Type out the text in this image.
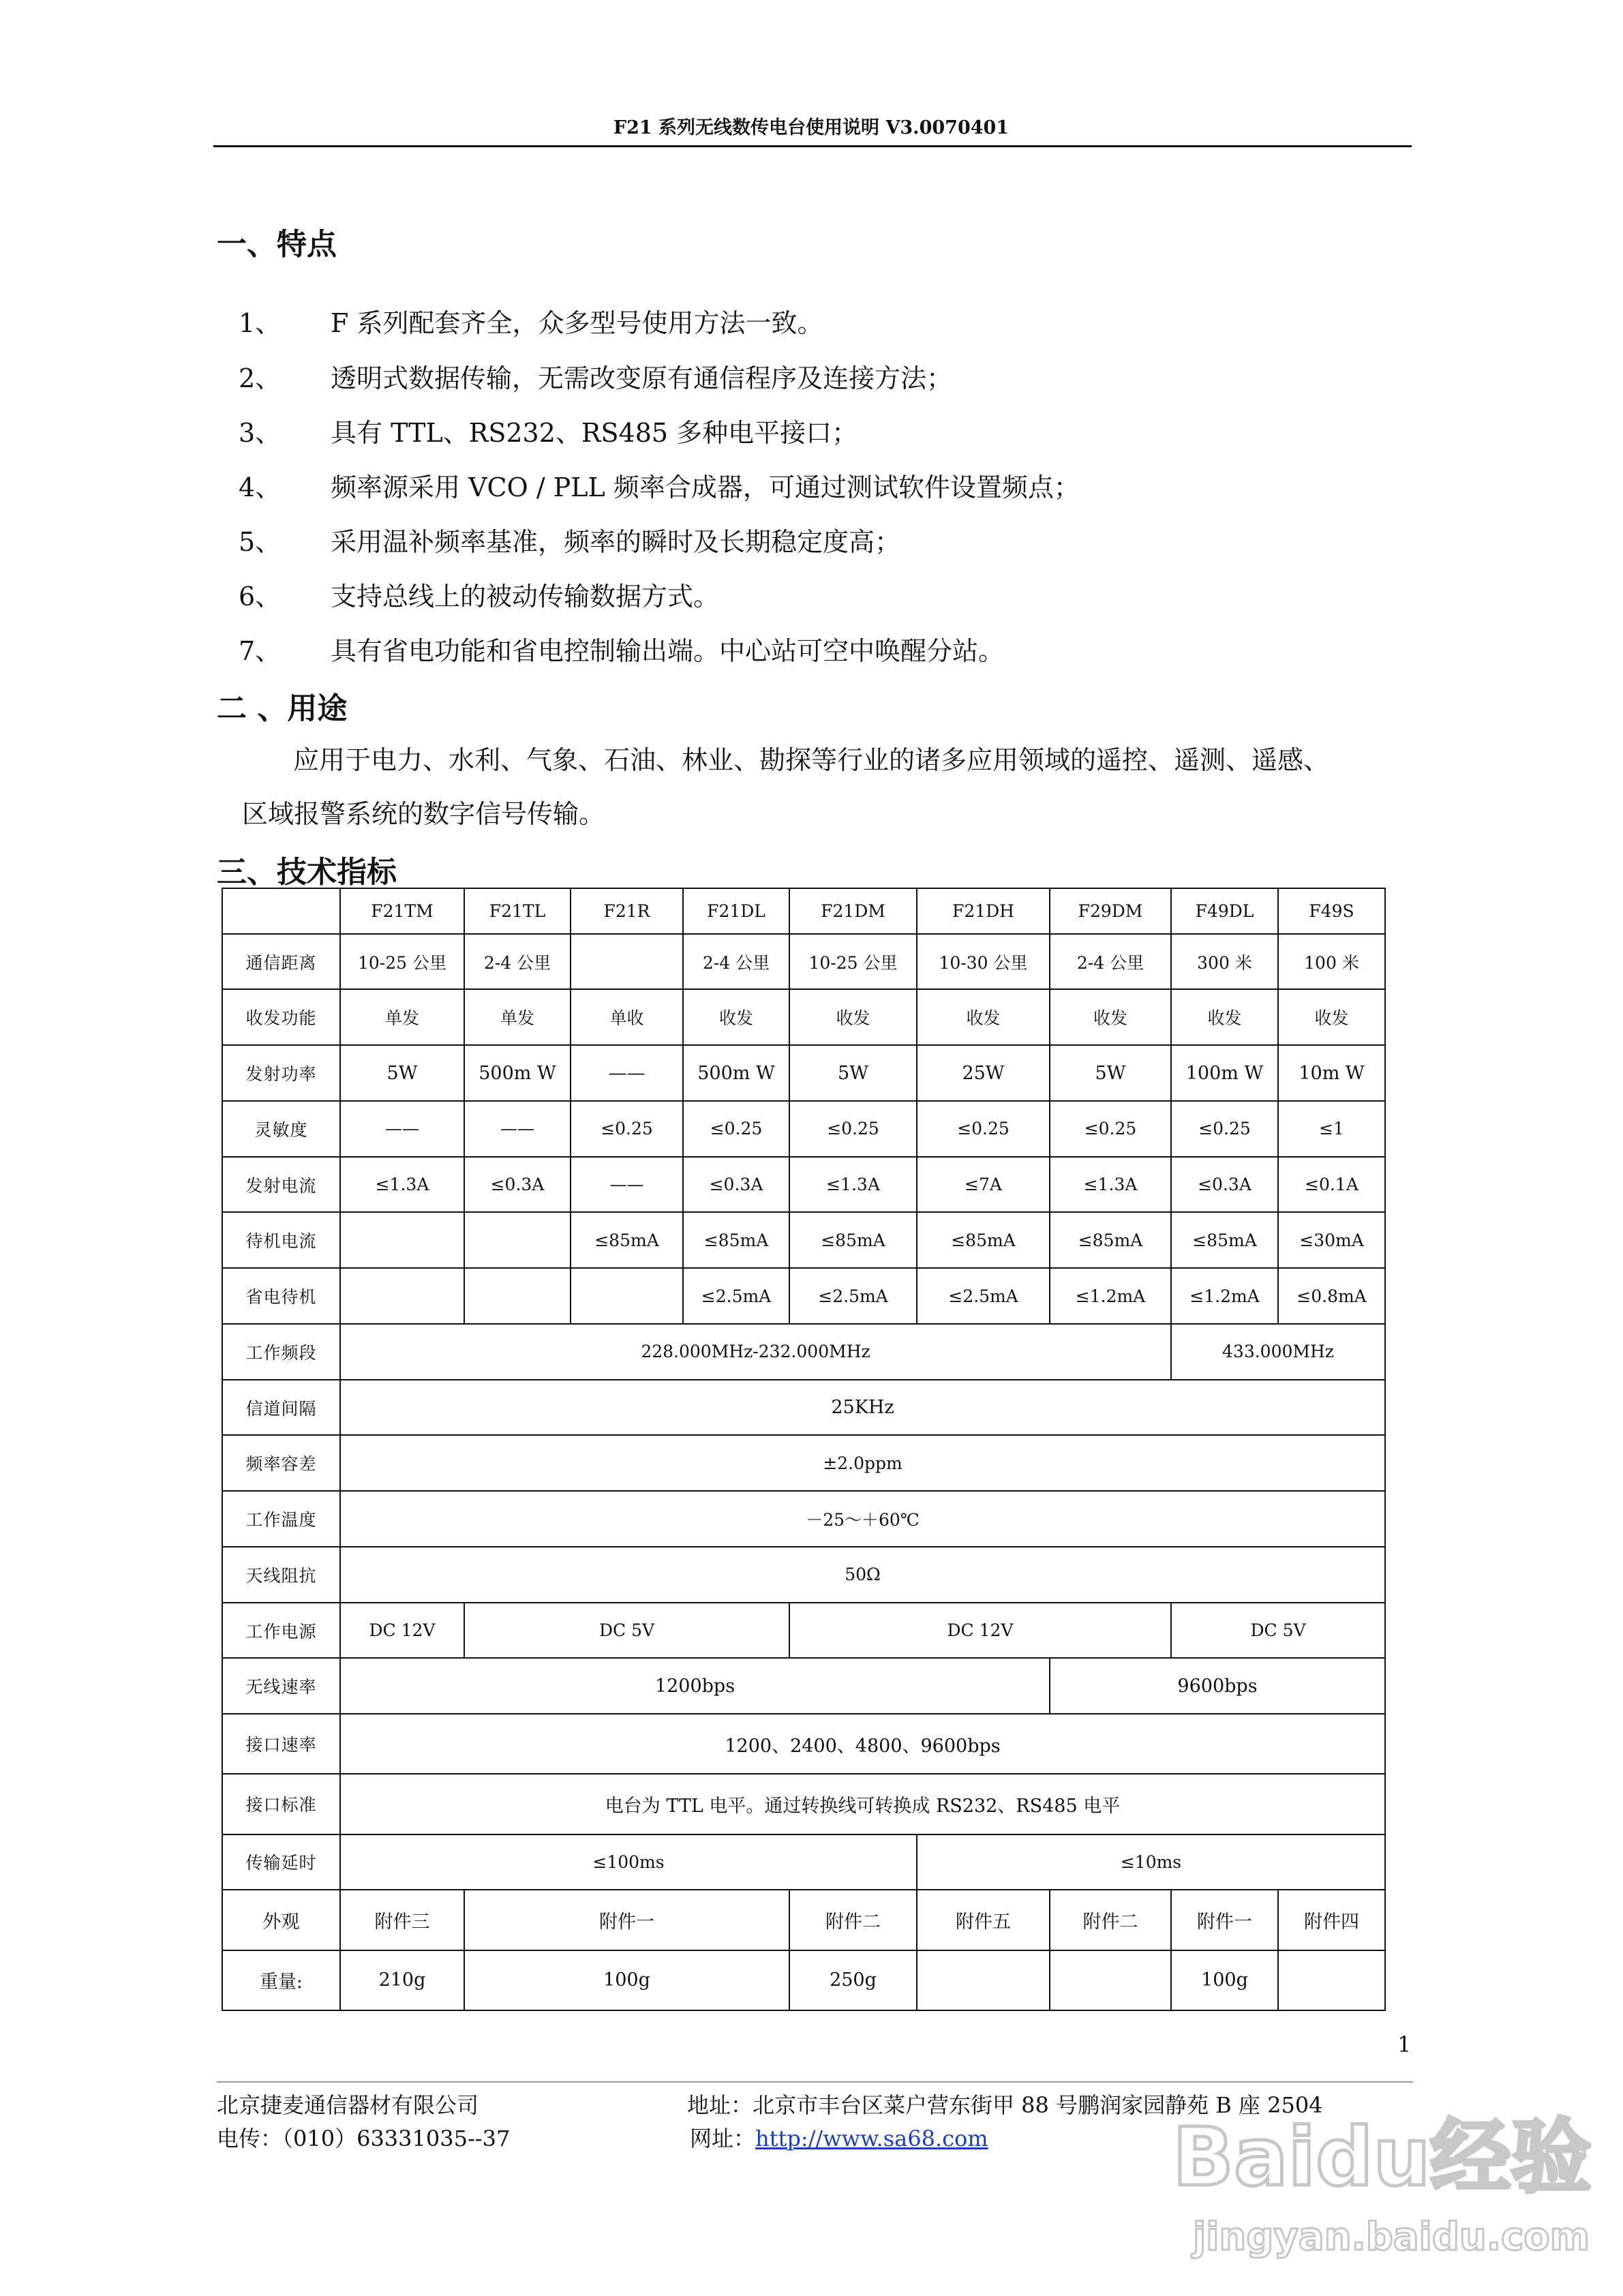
F21 系列无线数传电台使用说明 V3.0070401
一、特点
1、 F 系列配套齐全，众多型号使用方法一致。
2、 透明式数据传输，无需改变原有通信程序及连接方法；
3、 具有 TTL、RS232、RS485 多种电平接口；
4、 频率源采用 VCO / PLL 频率合成器，可通过测试软件设置频点；
5、 采用温补频率基准，频率的瞬时及长期稳定度高；
6、 支持总线上的被动传输数据方式。
7、 具有省电功能和省电控制输出端。中心站可空中唤醒分站。
二 、用途
应用于电力、水利、气象、石油、林业、勘探等行业的诸多应用领域的遥控、遥测、遥感、
区域报警系统的数字信号传输。
三、技术指标
	F21TM	F21TL	F21R	F21DL	F21DM	F21DH	F29DM	F49DL	F49S
通信距离	10-25 公里	2-4 公里		2-4 公里	10-25 公里	10-30 公里	2-4 公里	300 米	100 米
收发功能	单发	单发	单收	收发	收发	收发	收发	收发	收发
发射功率	5W	500m W	——	500m W	5W	25W	5W	100m W	10m W
灵敏度	——	——	≤0.25	≤0.25	≤0.25	≤0.25	≤0.25	≤0.25	≤1
发射电流	≤1.3A	≤0.3A	——	≤0.3A	≤1.3A	≤7A	≤1.3A	≤0.3A	≤0.1A
待机电流			≤85mA	≤85mA	≤85mA	≤85mA	≤85mA	≤85mA	≤30mA
省电待机				≤2.5mA	≤2.5mA	≤2.5mA	≤1.2mA	≤1.2mA	≤0.8mA
工作频段	228.000MHz-232.000MHz							433.000MHz	
信道间隔	25KHz								
频率容差	±2.0ppm								
工作温度	－25～＋60℃								
天线阻抗	50Ω								
工作电源	DC 12V	DC 5V			DC 12V			DC 5V	
无线速率	1200bps						9600bps		
接口速率	1200、2400、4800、9600bps								
接口标准	电台为 TTL 电平。通过转换线可转换成 RS232、RS485 电平								
传输延时	≤100ms					≤10ms			
外观	附件三	附件一			附件二	附件五	附件二	附件一	附件四
重量:	210g	100g			250g			100g	
1
北京捷麦通信器材有限公司
电传：（010）63331035--37
地址：北京市丰台区菜户营东街甲 88 号鹏润家园静苑 B 座 2504
网址：http://www.sa68.com Baidu经验
jingyan.baidu.com
